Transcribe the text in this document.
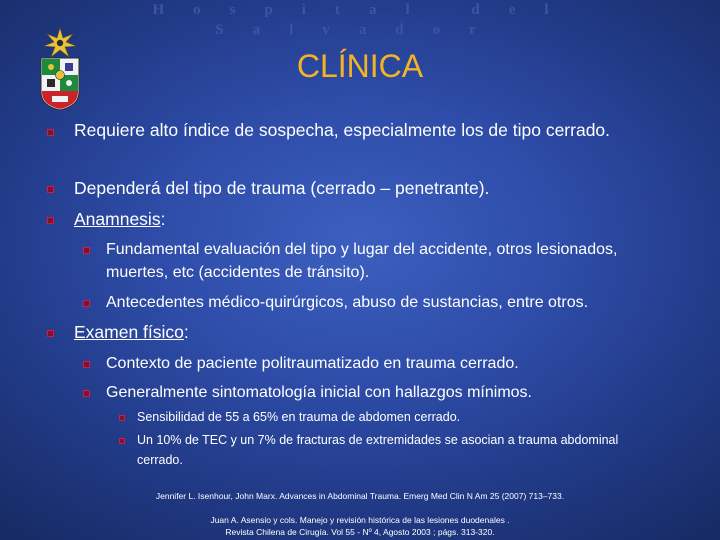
Hospital del Salvador
CLÍNICA
Requiere alto índice de sospecha, especialmente los de tipo cerrado.
Dependerá del tipo de trauma (cerrado – penetrante).
Anamnesis:
Fundamental evaluación del tipo y lugar del accidente, otros lesionados, muertes, etc (accidentes de tránsito).
Antecedentes médico-quirúrgicos, abuso de sustancias, entre otros.
Examen físico:
Contexto de paciente politraumatizado en trauma cerrado.
Generalmente sintomatología inicial con hallazgos mínimos.
Sensibilidad de 55 a 65% en trauma de abdomen cerrado.
Un 10% de TEC y un 7% de fracturas de extremidades se asocian a trauma abdominal cerrado.
Jennifer L. Isenhour, John Marx. Advances in Abdominal Trauma. Emerg Med Clin N Am 25 (2007) 713–733.
Juan A. Asensio y cols. Manejo y revisión histórica de las lesiones duodenales .
Revista Chilena de Cirugía. Vol 55 - Nº 4, Agosto 2003 ; págs. 313-320.
